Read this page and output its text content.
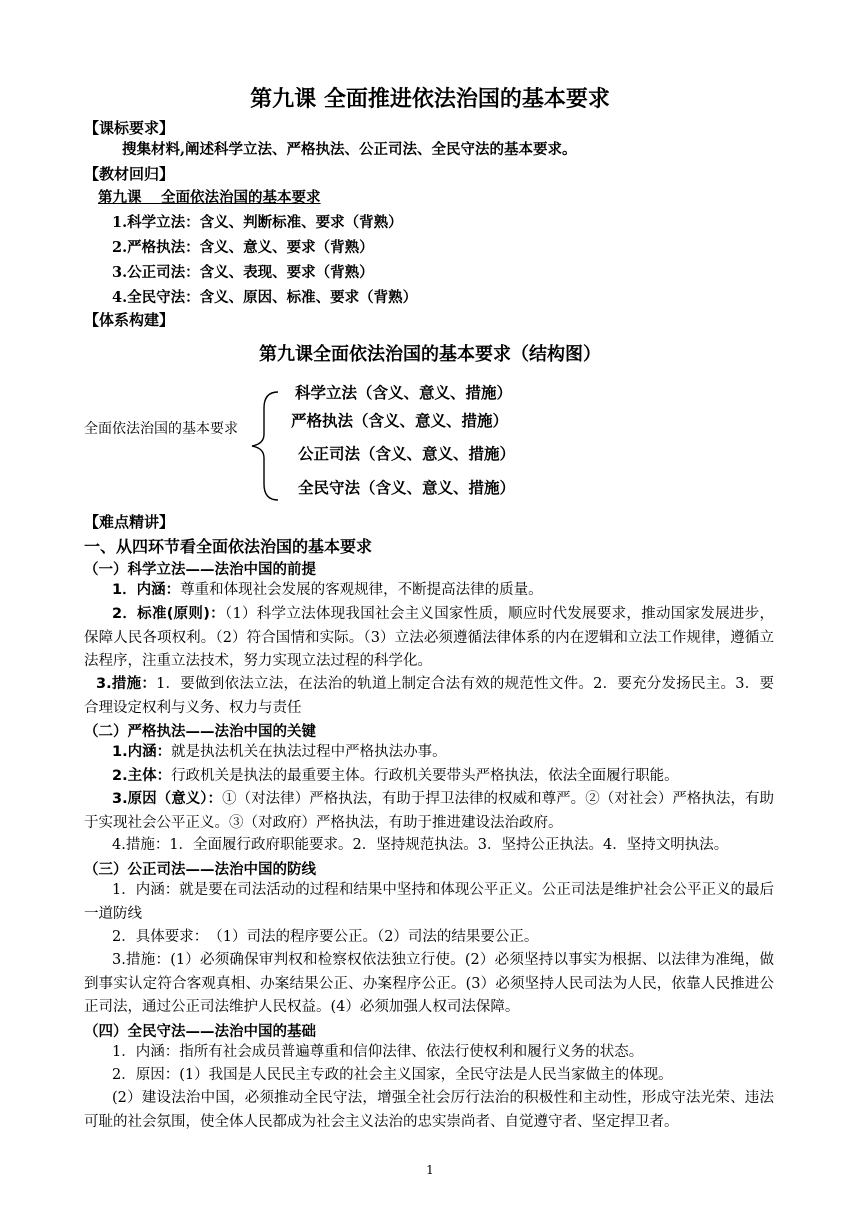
第九课 全面推进依法治国的基本要求
【课标要求】
搜集材料,阐述科学立法、严格执法、公正司法、全民守法的基本要求。
【教材回归】
第九课　 全面依法治国的基本要求
1.科学立法：含义、判断标准、要求（背熟）
2.严格执法：含义、意义、要求（背熟）
3.公正司法：含义、表现、要求（背熟）
4.全民守法：含义、原因、标准、要求（背熟）
【体系构建】
第九课全面依法治国的基本要求（结构图）
全面依法治国的基本要求
科学立法（含义、意义、措施）
严格执法（含义、意义、措施）
公正司法（含义、意义、措施）
全民守法（含义、意义、措施）
【难点精讲】
一、从四环节看全面依法治国的基本要求
（一）科学立法——法治中国的前提
1．内涵：尊重和体现社会发展的客观规律，不断提高法律的质量。
2．标准(原则)：（1）科学立法体现我国社会主义国家性质，顺应时代发展要求，推动国家发展进步，保障人民各项权利。（2）符合国情和实际。（3）立法必须遵循法律体系的内在逻辑和立法工作规律，遵循立法程序，注重立法技术，努力实现立法过程的科学化。
3.措施：1．要做到依法立法，在法治的轨道上制定合法有效的规范性文件。2．要充分发扬民主。3．要合理设定权利与义务、权力与责任
（二）严格执法——法治中国的关键
1.内涵：就是执法机关在执法过程中严格执法办事。
2.主体：行政机关是执法的最重要主体。行政机关要带头严格执法，依法全面履行职能。
3.原因（意义）：①（对法律）严格执法，有助于捍卫法律的权威和尊严。②（对社会）严格执法，有助于实现社会公平正义。③（对政府）严格执法，有助于推进建设法治政府。
4.措施：1．全面履行政府职能要求。2．坚持规范执法。3．坚持公正执法。4．坚持文明执法。
（三）公正司法——法治中国的防线
1．内涵：就是要在司法活动的过程和结果中坚持和体现公平正义。公正司法是维护社会公平正义的最后一道防线
2．具体要求：　（1）司法的程序要公正。（2）司法的结果要公正。
3.措施：(1）必须确保审判权和检察权依法独立行使。(2）必须坚持以事实为根据、以法律为准绳，做到事实认定符合客观真相、办案结果公正、办案程序公正。(3）必须坚持人民司法为人民，依靠人民推进公正司法，通过公正司法维护人民权益。(4）必须加强人权司法保障。
（四）全民守法——法治中国的基础
1．内涵：指所有社会成员普遍尊重和信仰法律、依法行使权利和履行义务的状态。
2．原因：(1）我国是人民民主专政的社会主义国家，全民守法是人民当家做主的体现。
(2）建设法治中国，必须推动全民守法，增强全社会厉行法治的积极性和主动性，形成守法光荣、违法可耻的社会氛围，使全体人民都成为社会主义法治的忠实崇尚者、自觉遵守者、坚定捍卫者。
1
